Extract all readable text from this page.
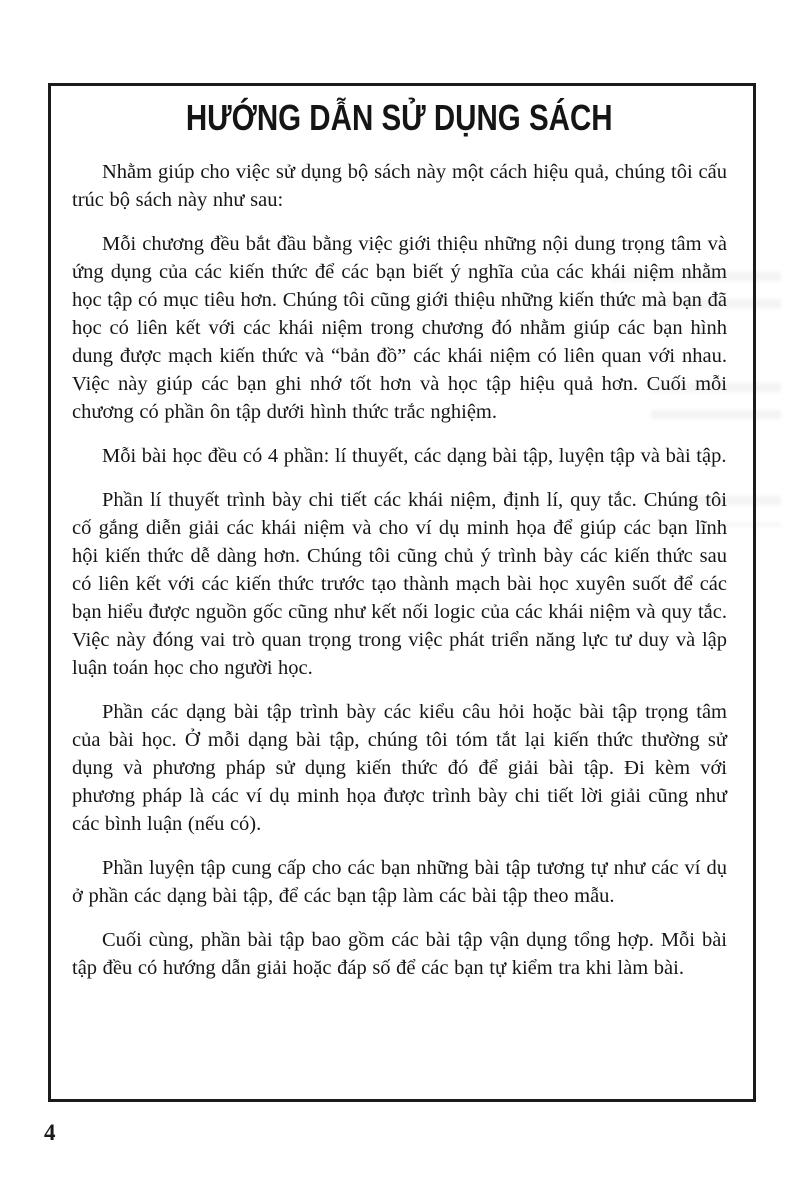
HƯỚNG DẪN SỬ DỤNG SÁCH

Nhằm giúp cho việc sử dụng bộ sách này một cách hiệu quả, chúng tôi cấu trúc bộ sách này như sau:

Mỗi chương đều bắt đầu bằng việc giới thiệu những nội dung trọng tâm và ứng dụng của các kiến thức để các bạn biết ý nghĩa của các khái niệm nhằm học tập có mục tiêu hơn. Chúng tôi cũng giới thiệu những kiến thức mà bạn đã học có liên kết với các khái niệm trong chương đó nhằm giúp các bạn hình dung được mạch kiến thức và “bản đồ” các khái niệm có liên quan với nhau. Việc này giúp các bạn ghi nhớ tốt hơn và học tập hiệu quả hơn. Cuối mỗi chương có phần ôn tập dưới hình thức trắc nghiệm.

Mỗi bài học đều có 4 phần: lí thuyết, các dạng bài tập, luyện tập và bài tập.

Phần lí thuyết trình bày chi tiết các khái niệm, định lí, quy tắc. Chúng tôi cố gắng diễn giải các khái niệm và cho ví dụ minh họa để giúp các bạn lĩnh hội kiến thức dễ dàng hơn. Chúng tôi cũng chủ ý trình bày các kiến thức sau có liên kết với các kiến thức trước tạo thành mạch bài học xuyên suốt để các bạn hiểu được nguồn gốc cũng như kết nối logic của các khái niệm và quy tắc. Việc này đóng vai trò quan trọng trong việc phát triển năng lực tư duy và lập luận toán học cho người học.

Phần các dạng bài tập trình bày các kiểu câu hỏi hoặc bài tập trọng tâm của bài học. Ở mỗi dạng bài tập, chúng tôi tóm tắt lại kiến thức thường sử dụng và phương pháp sử dụng kiến thức đó để giải bài tập. Đi kèm với phương pháp là các ví dụ minh họa được trình bày chi tiết lời giải cũng như các bình luận (nếu có).

Phần luyện tập cung cấp cho các bạn những bài tập tương tự như các ví dụ ở phần các dạng bài tập, để các bạn tập làm các bài tập theo mẫu.

Cuối cùng, phần bài tập bao gồm các bài tập vận dụng tổng hợp. Mỗi bài tập đều có hướng dẫn giải hoặc đáp số để các bạn tự kiểm tra khi làm bài.

4
